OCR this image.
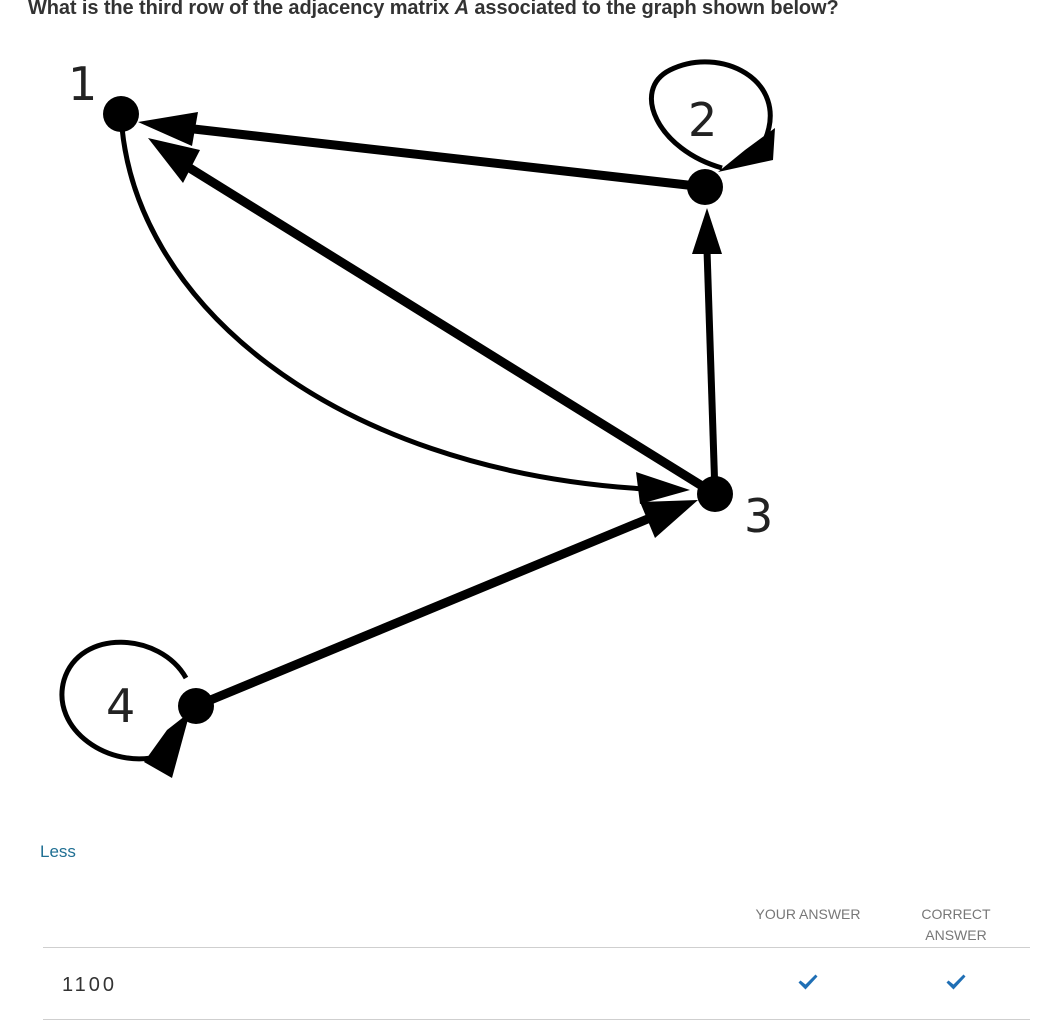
What is the third row of the adjacency matrix A associated to the graph shown below?
1
2
3
4
Less
YOUR ANSWER	CORRECT ANSWER
1100
